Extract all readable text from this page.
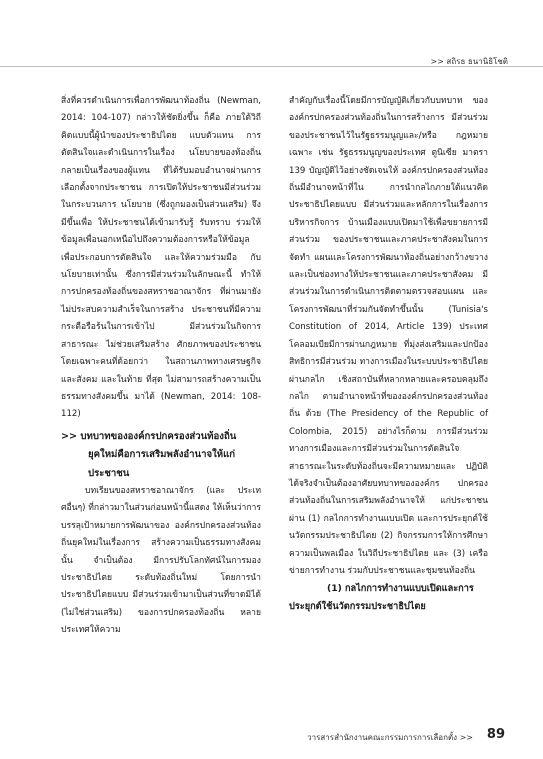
>> สถิรธ ธนานิธิโชติ

สิ่งที่ควรดำเนินการเพื่อการพัฒนาท้องถิ่น (Newman, 2014: 104-107) กล่าวให้ชัดยิ่งขึ้น ก็คือ ภายใต้วิถีคิดแบบนี้ผู้นำของประชาธิปไตย แบบตัวแทน การตัดสินใจและดำเนินการในเรื่อง นโยบายของท้องถิ่นกลายเป็นเรื่องของผู้แทน ที่ได้รับมอบอำนาจผ่านการเลือกตั้งจากประชาชน การเปิดให้ประชาชนมีส่วนร่วมในกระบวนการ นโยบาย (ซึ่งถูกมองเป็นส่วนเสริม) จึงมีขึ้นเพื่อ ให้ประชาชนได้เข้ามารับรู้ รับทราบ ร่วมให้ ข้อมูลเพื่อนอกเหนือไปถึงความต้องการหรือให้ข้อมูล เพื่อประกอบการตัดสินใจ และให้ความร่วมมือ กับนโยบายเท่านั้น ซึ่งการมีส่วนร่วมในลักษณะนี้ ทำให้การปกครองท้องถิ่นของสหราชอาณาจักร ที่ผ่านมายังไม่ประสบความสำเร็จในการสร้าง ประชาชนที่มีความกระตือรือร้นในการเข้าไป	มีส่วนร่วมในกิจการสาธารณะ ไม่ช่วยเสริมสร้าง ศักยภาพของประชาชนโดยเฉพาะคนที่ด้อยกว่า ในสถานภาพทางเศรษฐกิจและสังคม และในท้าย ที่สุด ไม่สามารถสร้างความเป็นธรรมทางสังคมขึ้น มาได้ (Newman, 2014: 108-112)

>> บทบาทขององค์กรปกครองส่วนท้องถิ่น
ยุคใหม่คือการเสริมพลังอำนาจให้แก่
ประชาชน

บทเรียนของสหราชอาณาจักร (และ ประเทศอื่นๆ) ที่กล่าวมาในส่วนก่อนหน้านี้แสดง ให้เห็นว่าการบรรลุเป้าหมายการพัฒนาของ องค์กรปกครองส่วนท้องถิ่นยุคใหม่ในเรื่องการ สร้างความเป็นธรรมทางสังคมนั้น จำเป็นต้อง มีการปรับโลกทัศน์ในการมองประชาธิปไตย	ระดับท้องถิ่นใหม่ โดยการนำประชาธิปไตยแบบ มีส่วนร่วมเข้ามาเป็นส่วนที่ขาดมิได้ (ไม่ใช่ส่วนเสริม) ของการปกครองท้องถิ่น หลายประเทศให้ความ

สำคัญกับเรื่องนี้โดยมีการบัญญัติเกี่ยวกับบทบาท ขององค์กรปกครองส่วนท้องถิ่นในการสร้างการ มีส่วนร่วมของประชาชนไว้ในรัฐธรรมนูญและ/หรือ กฎหมายเฉพาะ เช่น รัฐธรรมนูญของประเทศ ตูนิเซีย มาตรา 139 บัญญัติไว้อย่างชัดเจนให้ องค์กรปกครองส่วนท้องถิ่นมีอำนาจหน้าที่ใน	การนำกลไกภายใต้แนวคิดประชาธิปไตยแบบ มีส่วนร่วมและหลักการในเรื่องการบริหารกิจการ บ้านเมืองแบบเปิดมาใช้เพื่อขยายการมีส่วนร่วม ของประชาชนและภาคประชาสังคมในการจัดทำ แผนและโครงการพัฒนาท้องถิ่นอย่างกว้างขวาง และเป็นช่องทางให้ประชาชนและภาคประชาสังคม มีส่วนร่วมในการดำเนินการติดตามตรวจสอบแผน และโครงการพัฒนาที่ร่วมกันจัดทำขึ้นนั้น	(Tunisia's Constitution of 2014, Article 139) ประเทศโคลอมเบียมีการผ่านกฎหมาย ที่มุ่งส่งเสริมและปกป้องสิทธิการมีส่วนร่วม ทางการเมืองในระบบประชาธิปไตยผ่านกลไก เชิงสถาบันที่หลากหลายและครอบคลุมถึงกลไก ตามอำนาจหน้าที่ขององค์กรปกครองส่วนท้องถิ่น ด้วย (The Presidency of the Republic of Colombia, 2015) อย่างไรก็ตาม การมีส่วนร่วม ทางการเมืองและการมีส่วนร่วมในการตัดสินใจ สาธารณะในระดับท้องถิ่นจะมีความหมายและ ปฏิบัติได้จริงจำเป็นต้องอาศัยบทบาทขององค์กร ปกครองส่วนท้องถิ่นในการเสริมพลังอำนาจให้ แก่ประชาชน ผ่าน (1) กลไกการทำงานแบบเปิด และการประยุกต์ใช้นวัตกรรมประชาธิปไตย (2) กิจกรรมการให้การศึกษาความเป็นพลเมือง ในวิถีประชาธิปไตย และ (3) เครือข่ายการทำงาน ร่วมกับประชาชนและชุมชนท้องถิ่น

(1) กลไกการทำงานแบบเปิดและการ
ประยุกต์ใช้นวัตกรรมประชาธิปไตย
วารสารสำนักงานคณะกรรมการการเลือกตั้ง >> 89
